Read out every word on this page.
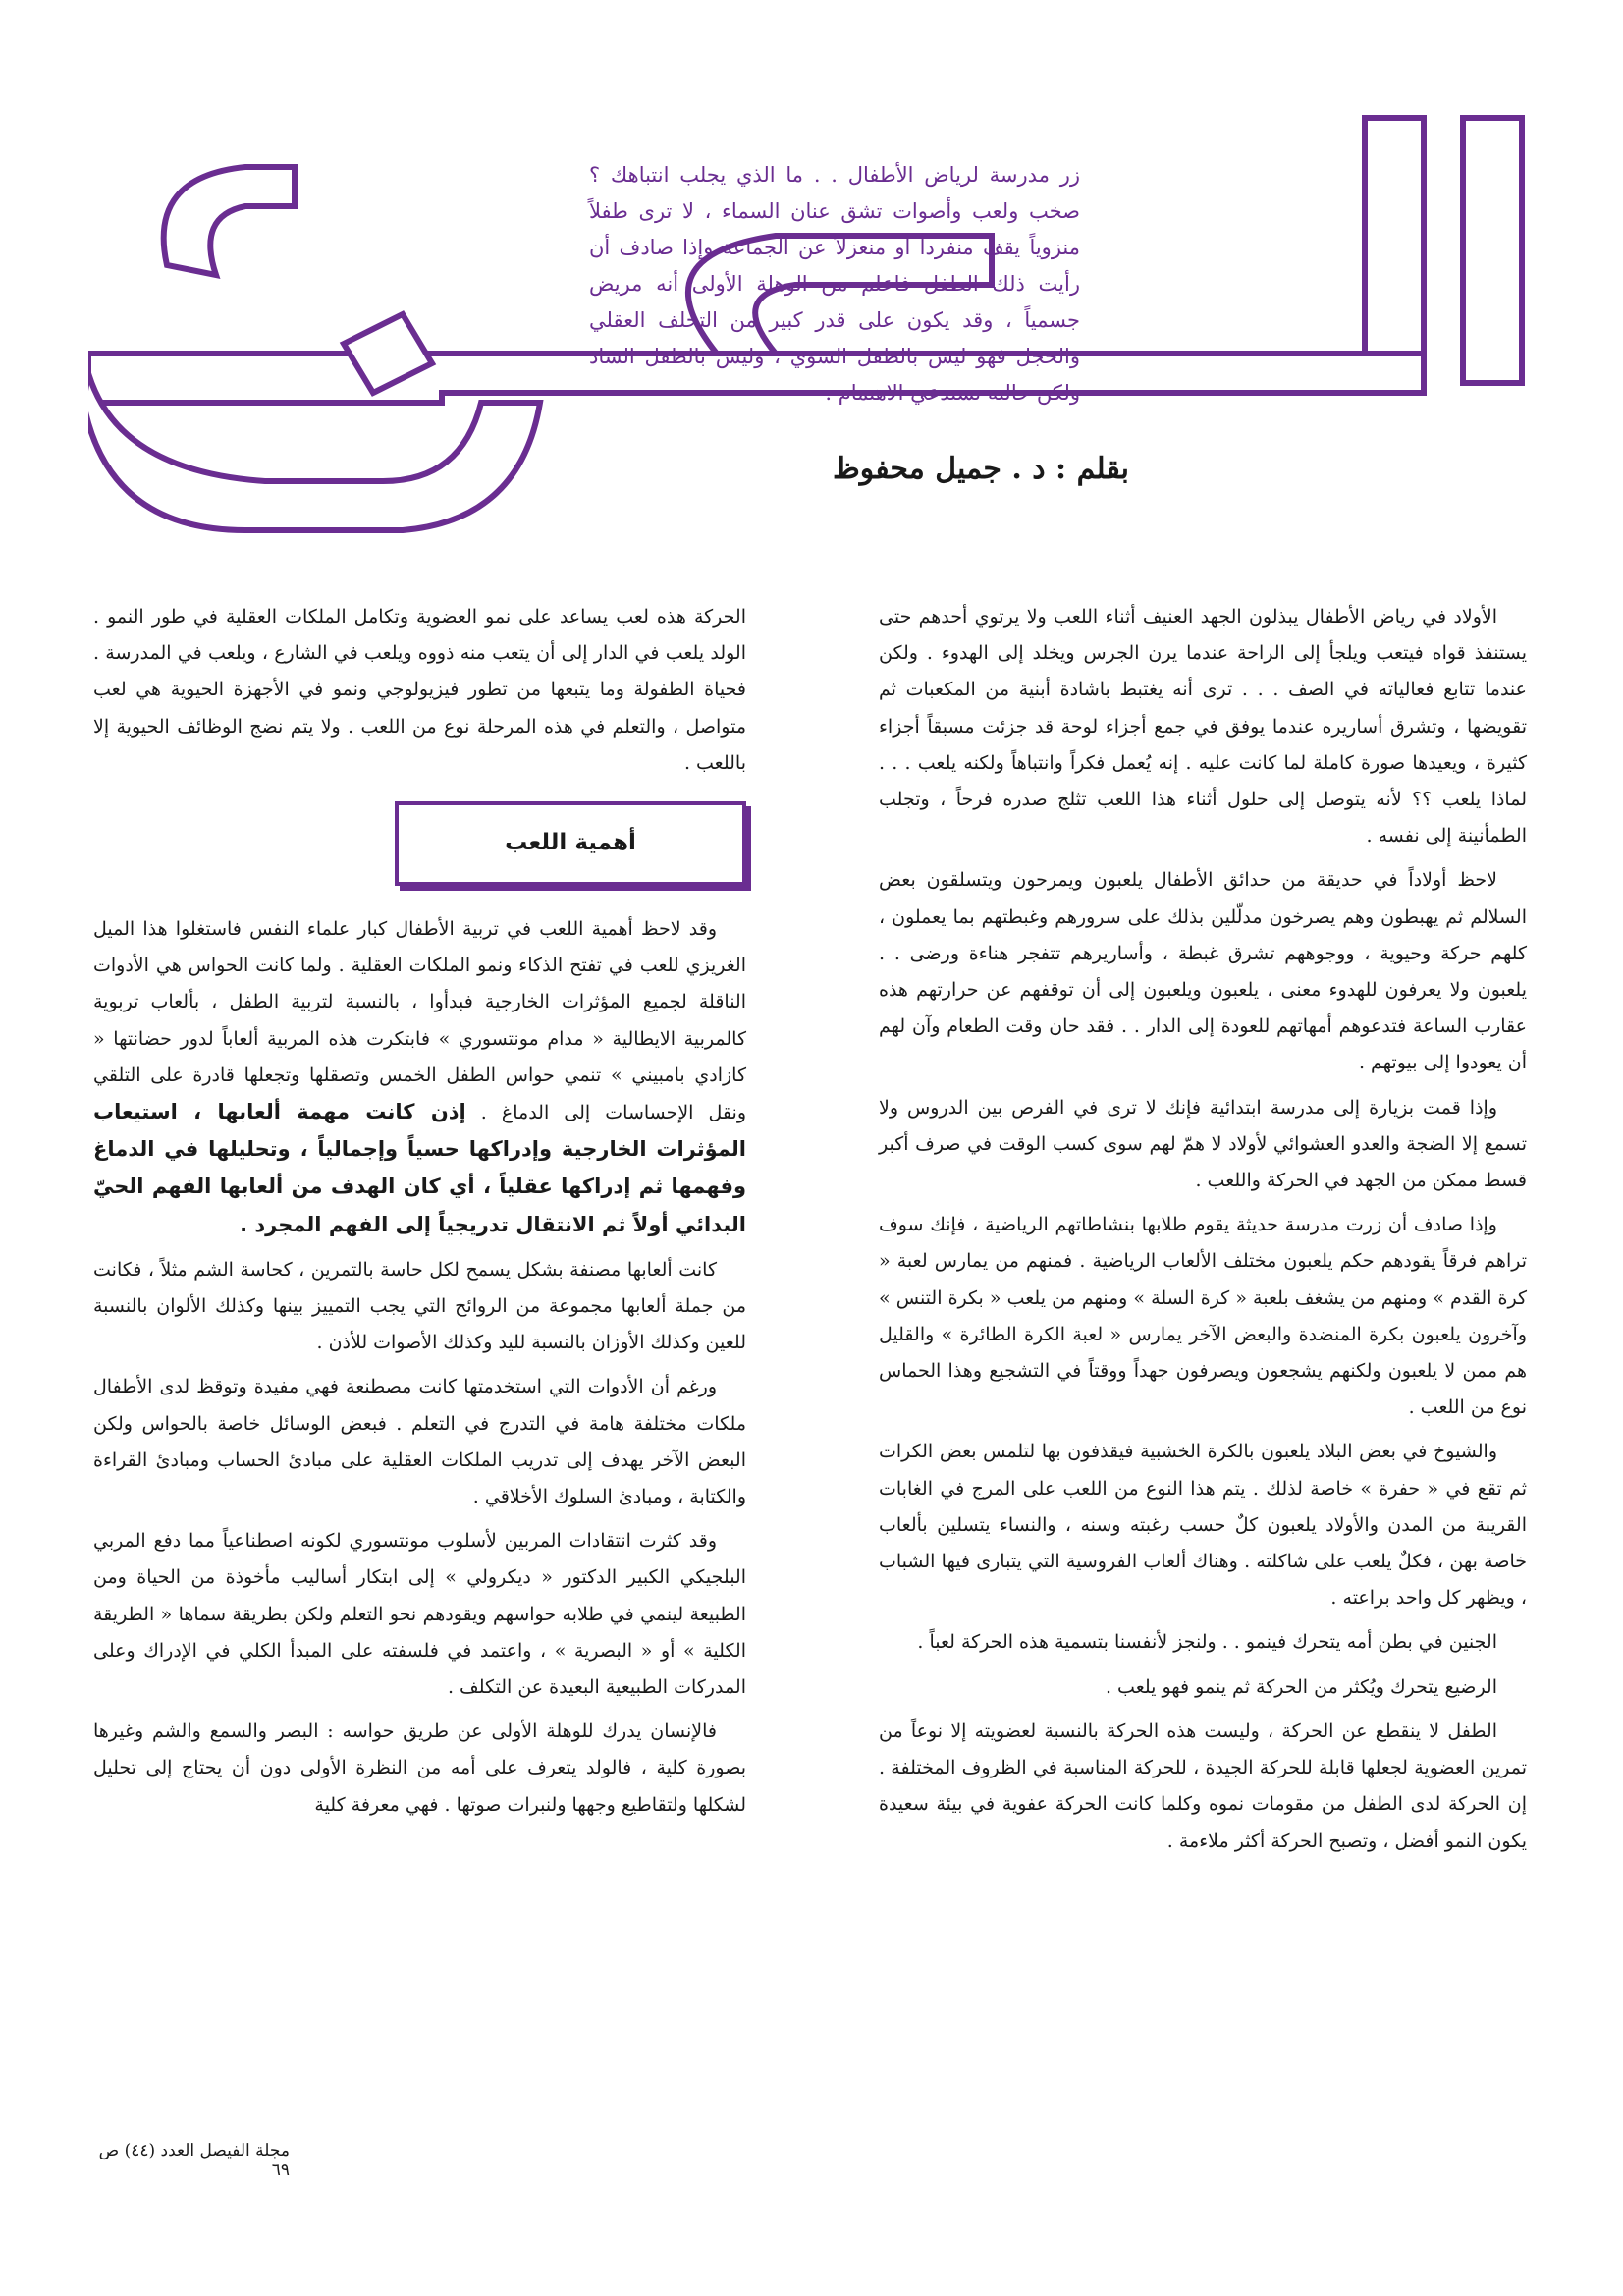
زر مدرسة لرياض الأطفال . . ما الذي يجلب انتباهك ؟ صخب ولعب وأصوات تشق عنان السماء ، لا ترى طفلاً منزوياً يقف منفرداً أو منعزلاً عن الجماعة وإذا صادف أن رأيت ذلك الطفل فاعلم من الوهلة الأولى أنه مريض جسمياً ، وقد يكون على قدر كبير من التخلف العقلي والخجل فهو ليس بالطفل السوي ، وليس بالطفل الشاذ ولكن حالته تستدعي الاهتمام .

بقلم : د . جميل محفوظ

الأولاد في رياض الأطفال يبذلون الجهد العنيف أثناء اللعب ولا يرتوي أحدهم حتى يستنفذ قواه فيتعب ويلجأ إلى الراحة عندما يرن الجرس ويخلد إلى الهدوء . ولكن عندما تتابع فعالياته في الصف . . . ترى أنه يغتبط باشادة أبنية من المكعبات ثم تقويضها ، وتشرق أساريره عندما يوفق في جمع أجزاء لوحة قد جزئت مسبقاً أجزاء كثيرة ، ويعيدها صورة كاملة لما كانت عليه . إنه يُعمل فكراً وانتباهاً ولكنه يلعب . . . لماذا يلعب ؟؟ لأنه يتوصل إلى حلول أثناء هذا اللعب تثلج صدره فرحاً ، وتجلب الطمأنينة إلى نفسه .

لاحظ أولاداً في حديقة من حدائق الأطفال يلعبون ويمرحون ويتسلقون بعض السلالم ثم يهبطون وهم يصرخون مدلّلين بذلك على سرورهم وغبطتهم بما يعملون ، كلهم حركة وحيوية ، ووجوههم تشرق غبطة ، وأساريرهم تتفجر هناءة ورضى . . يلعبون ولا يعرفون للهدوء معنى ، يلعبون ويلعبون إلى أن توقفهم عن حرارتهم هذه عقارب الساعة فتدعوهم أمهاتهم للعودة إلى الدار . . فقد حان وقت الطعام وآن لهم أن يعودوا إلى بيوتهم .

وإذا قمت بزيارة إلى مدرسة ابتدائية فإنك لا ترى في الفرص بين الدروس ولا تسمع إلا الضجة والعدو العشوائي لأولاد لا همّ لهم سوى كسب الوقت في صرف أكبر قسط ممكن من الجهد في الحركة واللعب .

وإذا صادف أن زرت مدرسة حديثة يقوم طلابها بنشاطاتهم الرياضية ، فإنك سوف تراهم فرقاً يقودهم حكم يلعبون مختلف الألعاب الرياضية . فمنهم من يمارس لعبة « كرة القدم » ومنهم من يشغف بلعبة « كرة السلة » ومنهم من يلعب « بكرة التنس » وآخرون يلعبون بكرة المنضدة والبعض الآخر يمارس « لعبة الكرة الطائرة » والقليل هم ممن لا يلعبون ولكنهم يشجعون ويصرفون جهداً ووقتاً في التشجيع وهذا الحماس نوع من اللعب .

والشيوخ في بعض البلاد يلعبون بالكرة الخشبية فيقذفون بها لتلمس بعض الكرات ثم تقع في « حفرة » خاصة لذلك . يتم هذا النوع من اللعب على المرج في الغابات القريبة من المدن والأولاد يلعبون كلٌ حسب رغبته وسنه ، والنساء يتسلين بألعاب خاصة بهن ، فكلٌ يلعب على شاكلته . وهناك ألعاب الفروسية التي يتبارى فيها الشباب ، ويظهر كل واحد براعته .

الجنين في بطن أمه يتحرك فينمو . . ولنجز لأنفسنا بتسمية هذه الحركة لعباً .

الرضيع يتحرك ويُكثر من الحركة ثم ينمو فهو يلعب .

الطفل لا ينقطع عن الحركة ، وليست هذه الحركة بالنسبة لعضويته إلا نوعاً من تمرين العضوية لجعلها قابلة للحركة الجيدة ، للحركة المناسبة في الظروف المختلفة . إن الحركة لدى الطفل من مقومات نموه وكلما كانت الحركة عفوية في بيئة سعيدة يكون النمو أفضل ، وتصبح الحركة أكثر ملاءمة .

الحركة هذه لعب يساعد على نمو العضوية وتكامل الملكات العقلية في طور النمو . الولد يلعب في الدار إلى أن يتعب منه ذووه ويلعب في الشارع ، ويلعب في المدرسة . فحياة الطفولة وما يتبعها من تطور فيزيولوجي ونمو في الأجهزة الحيوية هي لعب متواصل ، والتعلم في هذه المرحلة نوع من اللعب . ولا يتم نضج الوظائف الحيوية إلا باللعب .

أهمية اللعب

وقد لاحظ أهمية اللعب في تربية الأطفال كبار علماء النفس فاستغلوا هذا الميل الغريزي للعب في تفتح الذكاء ونمو الملكات العقلية . ولما كانت الحواس هي الأدوات الناقلة لجميع المؤثرات الخارجية فبدأوا ، بالنسبة لتربية الطفل ، بألعاب تربوية كالمربية الايطالية « مدام مونتسوري » فابتكرت هذه المربية ألعاباً لدور حضانتها « كازادي بامبيني » تنمي حواس الطفل الخمس وتصقلها وتجعلها قادرة على التلقي ونقل الإحساسات إلى الدماغ . إذن كانت مهمة ألعابها ، استيعاب المؤثرات الخارجية وإدراكها حسياً وإجمالياً ، وتحليلها في الدماغ وفهمها ثم إدراكها عقلياً ، أي كان الهدف من ألعابها الفهم الحيّ البدائي أولاً ثم الانتقال تدريجياً إلى الفهم المجرد .

كانت ألعابها مصنفة بشكل يسمح لكل حاسة بالتمرين ، كحاسة الشم مثلاً ، فكانت من جملة ألعابها مجموعة من الروائح التي يجب التمييز بينها وكذلك الألوان بالنسبة للعين وكذلك الأوزان بالنسبة لليد وكذلك الأصوات للأذن .

ورغم أن الأدوات التي استخدمتها كانت مصطنعة فهي مفيدة وتوقظ لدى الأطفال ملكات مختلفة هامة في التدرج في التعلم . فبعض الوسائل خاصة بالحواس ولكن البعض الآخر يهدف إلى تدريب الملكات العقلية على مبادئ الحساب ومبادئ القراءة والكتابة ، ومبادئ السلوك الأخلاقي .

وقد كثرت انتقادات المربين لأسلوب مونتسوري لكونه اصطناعياً مما دفع المربي البلجيكي الكبير الدكتور « ديكرولي » إلى ابتكار أساليب مأخوذة من الحياة ومن الطبيعة لينمي في طلابه حواسهم ويقودهم نحو التعلم ولكن بطريقة سماها « الطريقة الكلية » أو « البصرية » ، واعتمد في فلسفته على المبدأ الكلي في الإدراك وعلى المدركات الطبيعية البعيدة عن التكلف .

فالإنسان يدرك للوهلة الأولى عن طريق حواسه : البصر والسمع والشم وغيرها بصورة كلية ، فالولد يتعرف على أمه من النظرة الأولى دون أن يحتاج إلى تحليل لشكلها ولتقاطيع وجهها ولنبرات صوتها . فهي معرفة كلية

مجلة الفيصل العدد (٤٤) ص ٦٩
